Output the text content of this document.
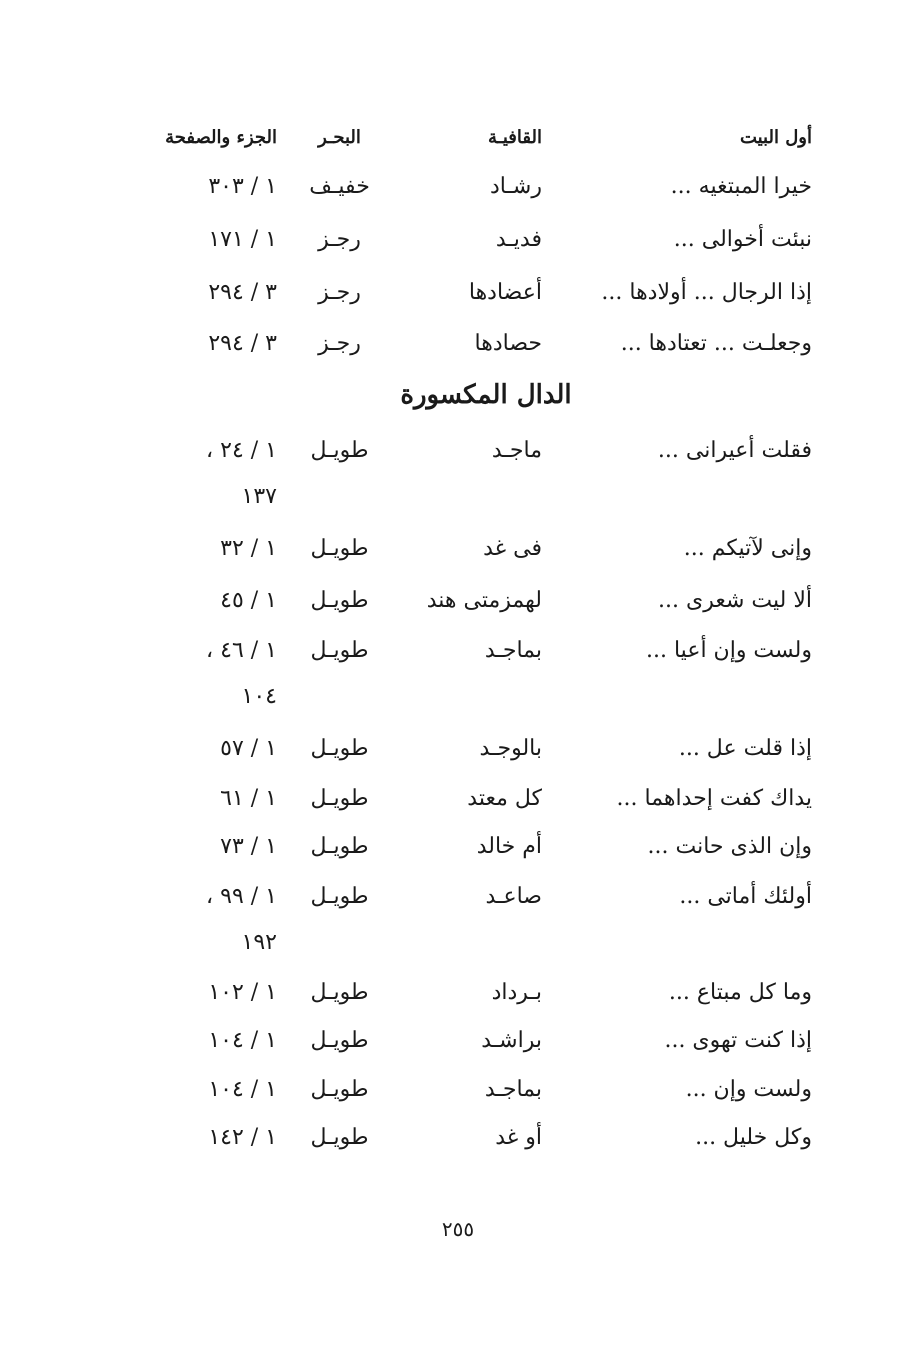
أول البيت
القافيـة
البحـر
الجزء والصفحة
خيرا المبتغيه ...
رشـاد
خفيـف
١ / ٣٠٣
نبئت أخوالى ...
فديـد
رجـز
١ / ١٧١
إذا الرجال ... أولادها ...
أعضادها
رجـز
٣ / ٢٩٤
وجعلـت ... تعتادها ...
حصادها
رجـز
٣ / ٢٩٤
الدال المكسورة
فقلت أعيرانى ...
ماجـد
طويـل
١ / ٢٤ ،
١٣٧
وإنى لآتيكم ...
فى غد
طويـل
١ / ٣٢
ألا ليت شعرى ...
لهمزمتى هند
طويـل
١ / ٤٥
ولست وإن أعيا ...
بماجـد
طويـل
١ / ٤٦ ،
١٠٤
إذا قلت عل ...
بالوجـد
طويـل
١ / ٥٧
يداك كفت إحداهما ...
كل معتد
طويـل
١ / ٦١
وإن الذى حانت ...
أم خالد
طويـل
١ / ٧٣
أولئك أماتى ...
صاعـد
طويـل
١ / ٩٩ ،
١٩٢
وما كل مبتاع ...
بـرداد
طويـل
١ / ١٠٢
إذا كنت تهوى ...
براشـد
طويـل
١ / ١٠٤
ولست وإن ...
بماجـد
طويـل
١ / ١٠٤
وكل خليل ...
أو غد
طويـل
١ / ١٤٢
٢٥٥
